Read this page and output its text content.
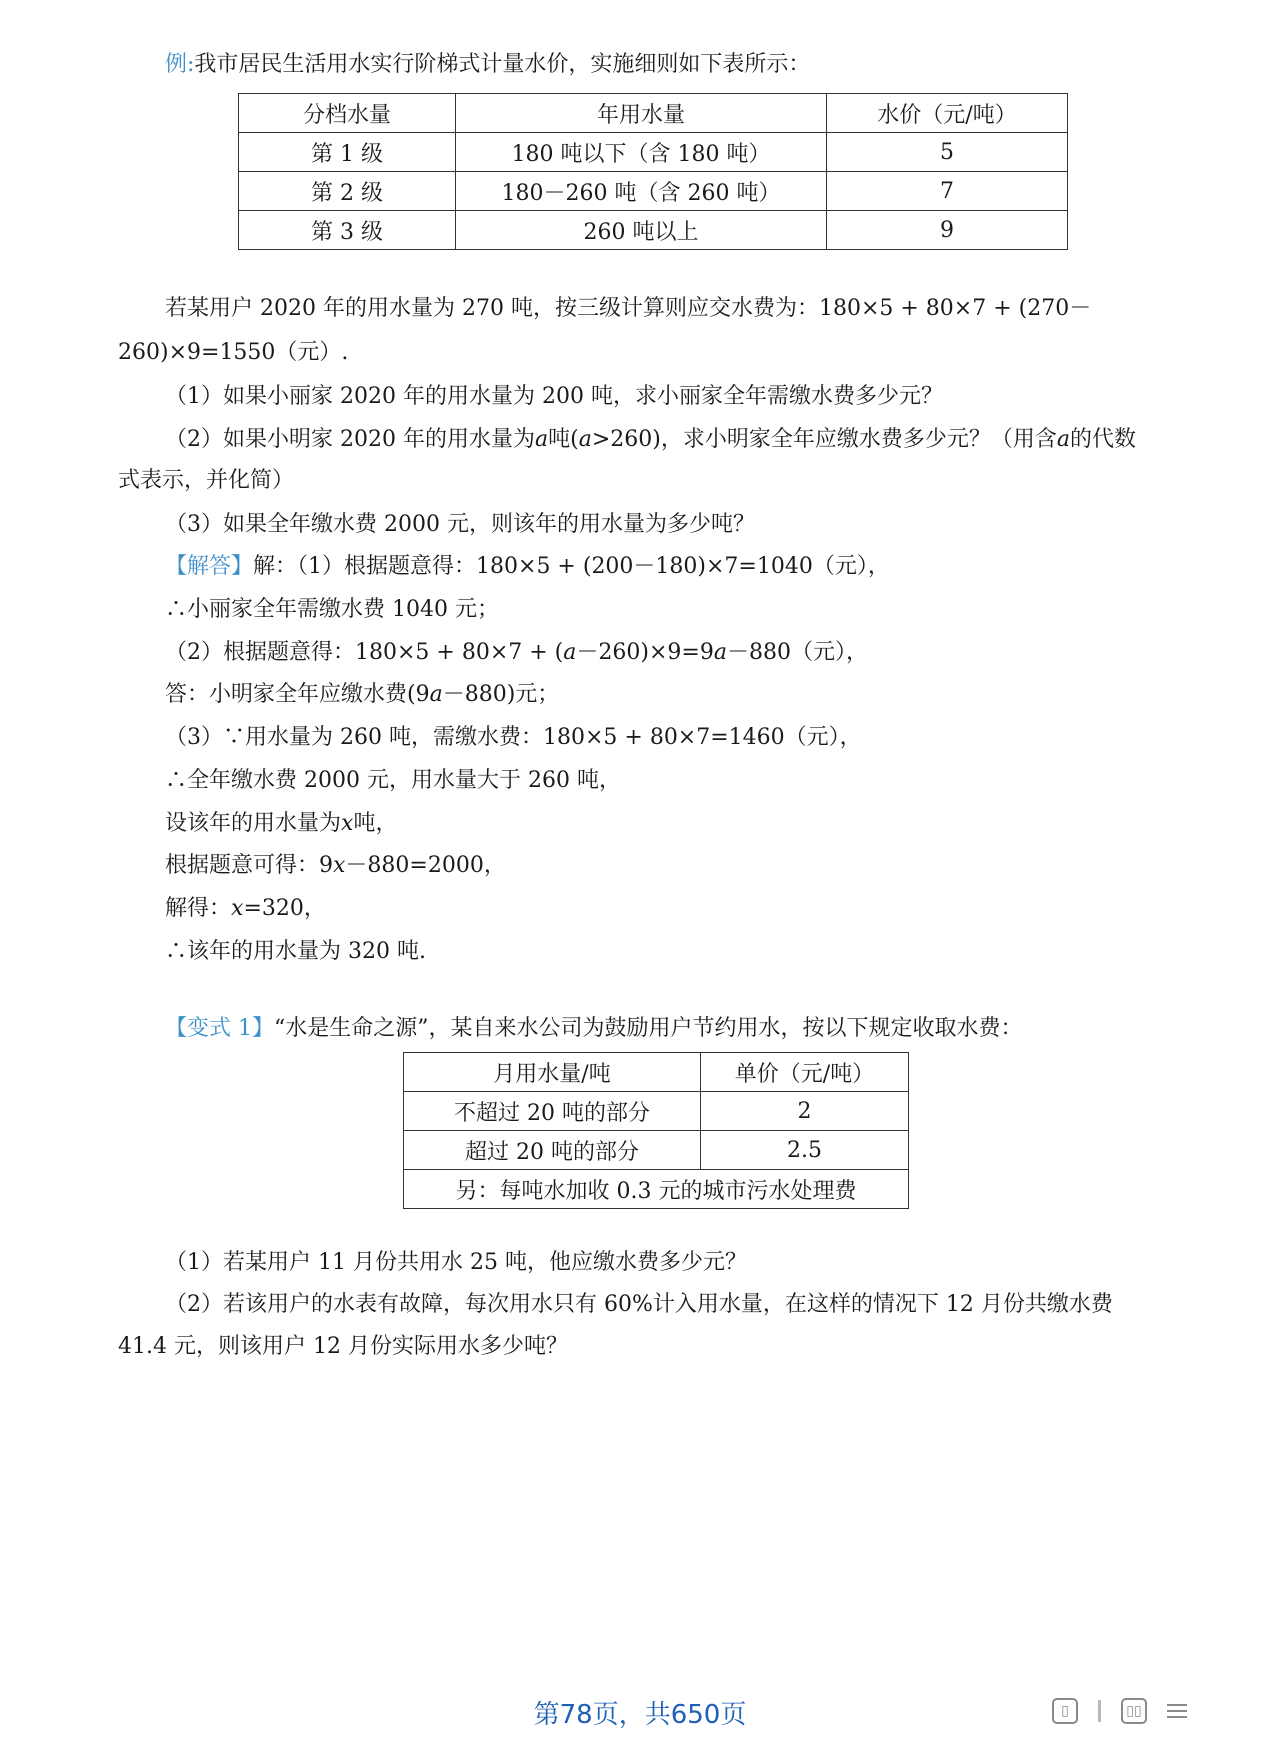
例:我市居民生活用水实行阶梯式计量水价，实施细则如下表所示：
分档水量	年用水量	水价（元/吨）
第 1 级	180 吨以下（含 180 吨）	5
第 2 级	180－260 吨（含 260 吨）	7
第 3 级	260 吨以上	9
若某用户 2020 年的用水量为 270 吨，按三级计算则应交水费为：180×5 + 80×7 + (270－
260)×9=1550（元）.
（1）如果小丽家 2020 年的用水量为 200 吨，求小丽家全年需缴水费多少元？
（2）如果小明家 2020 年的用水量为a吨(a>260)，求小明家全年应缴水费多少元？（用含a的代数
式表示，并化简）
（3）如果全年缴水费 2000 元，则该年的用水量为多少吨？
【解答】解：（1）根据题意得：180×5 + (200－180)×7=1040（元），
∴小丽家全年需缴水费 1040 元；
（2）根据题意得：180×5 + 80×7 + (a－260)×9=9a－880（元），
答：小明家全年应缴水费(9a－880)元；
（3）∵用水量为 260 吨，需缴水费：180×5 + 80×7=1460（元），
∴全年缴水费 2000 元，用水量大于 260 吨，
设该年的用水量为x吨，
根据题意可得：9x－880=2000，
解得：x=320，
∴该年的用水量为 320 吨.
【变式 1】“水是生命之源”，某自来水公司为鼓励用户节约用水，按以下规定收取水费：
月用水量/吨	单价（元/吨）
不超过 20 吨的部分	2
超过 20 吨的部分	2.5
另：每吨水加收 0.3 元的城市污水处理费	
（1）若某用户 11 月份共用水 25 吨，他应缴水费多少元？
（2）若该用户的水表有故障，每次用水只有 60%计入用水量，在这样的情况下 12 月份共缴水费
41.4 元，则该用户 12 月份实际用水多少吨？
第78页，共650页	▯	▯▯
